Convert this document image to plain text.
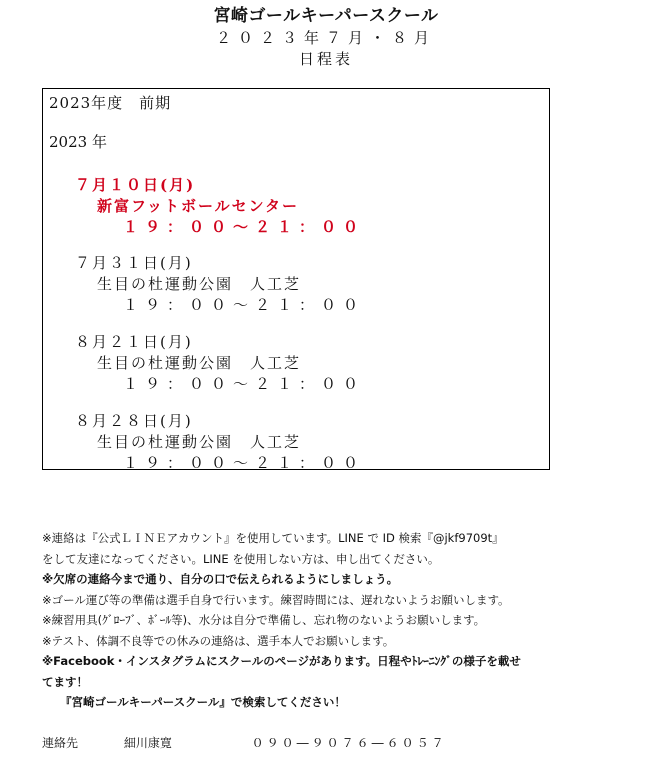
宮崎ゴールキーパースクール
２０２３年７月・８月
日程表
2023年度　前期
2023 年
７月１０日(月)
新富フットボールセンター
１９：００〜２１：００
７月３１日(月)
生目の杜運動公園　人工芝
１９：００〜２１：００
８月２１日(月)
生目の杜運動公園　人工芝
１９：００〜２１：００
８月２８日(月)
生目の杜運動公園　人工芝
１９：００〜２１：００
※連絡は『公式ＬＩＮＥアカウント』を使用しています。LINE で ID 検索『@jkf9709t』
をして友達になってください。LINE を使用しない方は、申し出てください。
※欠席の連絡今まで通り、自分の口で伝えられるようにしましょう。
※ゴール運び等の準備は選手自身で行います。練習時間には、遅れないようお願いします。
※練習用具(ｸﾞﾛｰﾌﾞ、ﾎﾞｰﾙ等)、水分は自分で準備し、忘れ物のないようお願いします。
※テスト、体調不良等での休みの連絡は、選手本人でお願いします。
※Facebook・インスタグラムにスクールのページがあります。日程やﾄﾚｰﾆﾝｸﾞの様子を載せ
てます！
『宮崎ゴールキーパースクール』で検索してください！
連絡先	細川康寛	０９０―９０７６―６０５７
